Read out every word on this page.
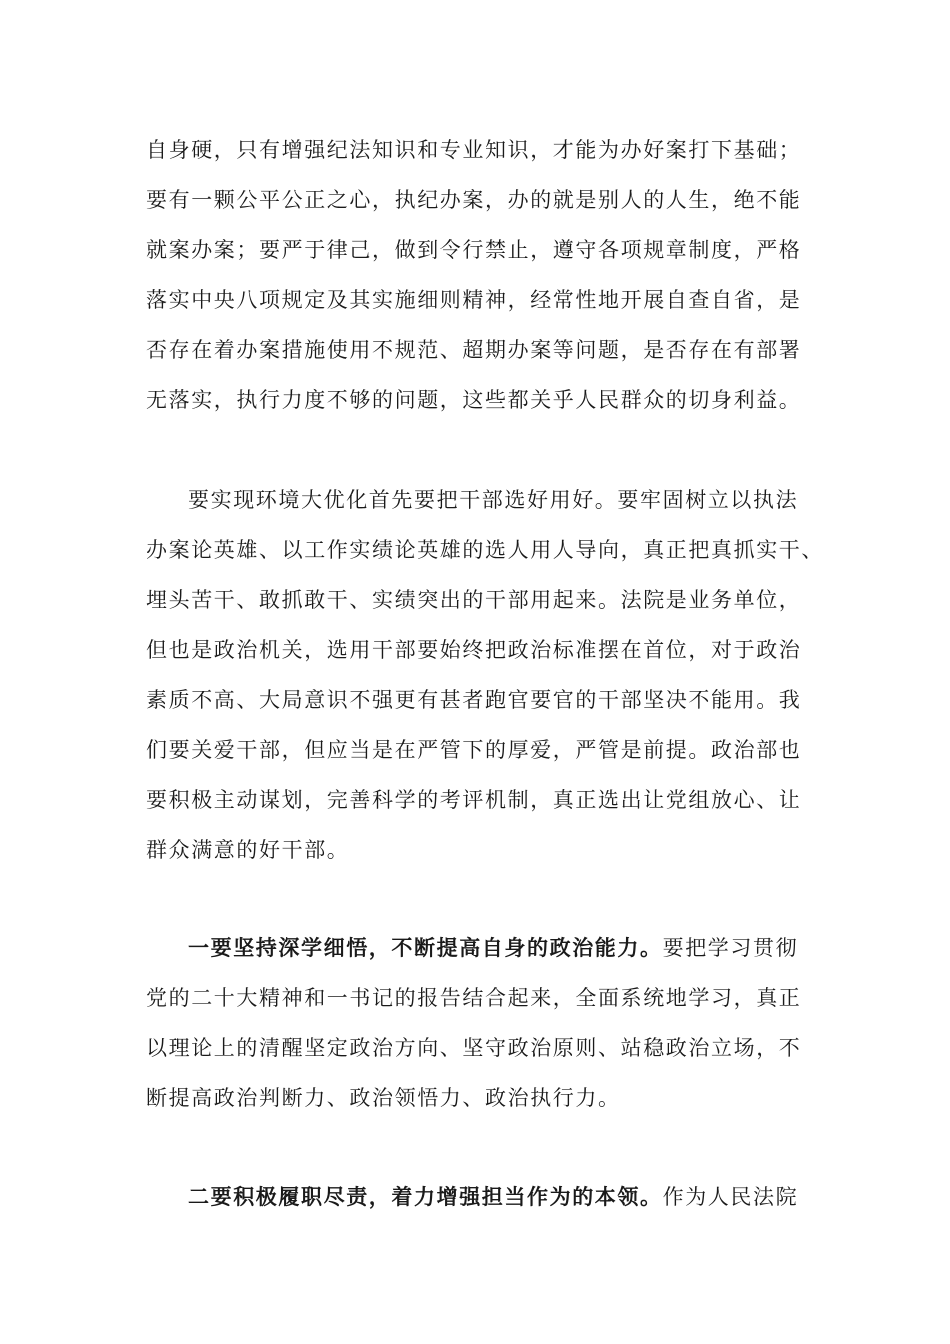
自身硬，只有增强纪法知识和专业知识，才能为办好案打下基础；
要有一颗公平公正之心，执纪办案，办的就是别人的人生，绝不能
就案办案；要严于律己，做到令行禁止，遵守各项规章制度，严格
落实中央八项规定及其实施细则精神，经常性地开展自查自省，是
否存在着办案措施使用不规范、超期办案等问题，是否存在有部署
无落实，执行力度不够的问题，这些都关乎人民群众的切身利益。
要实现环境大优化首先要把干部选好用好。要牢固树立以执法
办案论英雄、以工作实绩论英雄的选人用人导向，真正把真抓实干、
埋头苦干、敢抓敢干、实绩突出的干部用起来。法院是业务单位，
但也是政治机关，选用干部要始终把政治标准摆在首位，对于政治
素质不高、大局意识不强更有甚者跑官要官的干部坚决不能用。我
们要关爱干部，但应当是在严管下的厚爱，严管是前提。政治部也
要积极主动谋划，完善科学的考评机制，真正选出让党组放心、让
群众满意的好干部。
一要坚持深学细悟，不断提高自身的政治能力。要把学习贯彻
党的二十大精神和一书记的报告结合起来，全面系统地学习，真正
以理论上的清醒坚定政治方向、坚守政治原则、站稳政治立场，不
断提高政治判断力、政治领悟力、政治执行力。
二要积极履职尽责，着力增强担当作为的本领。作为人民法院
